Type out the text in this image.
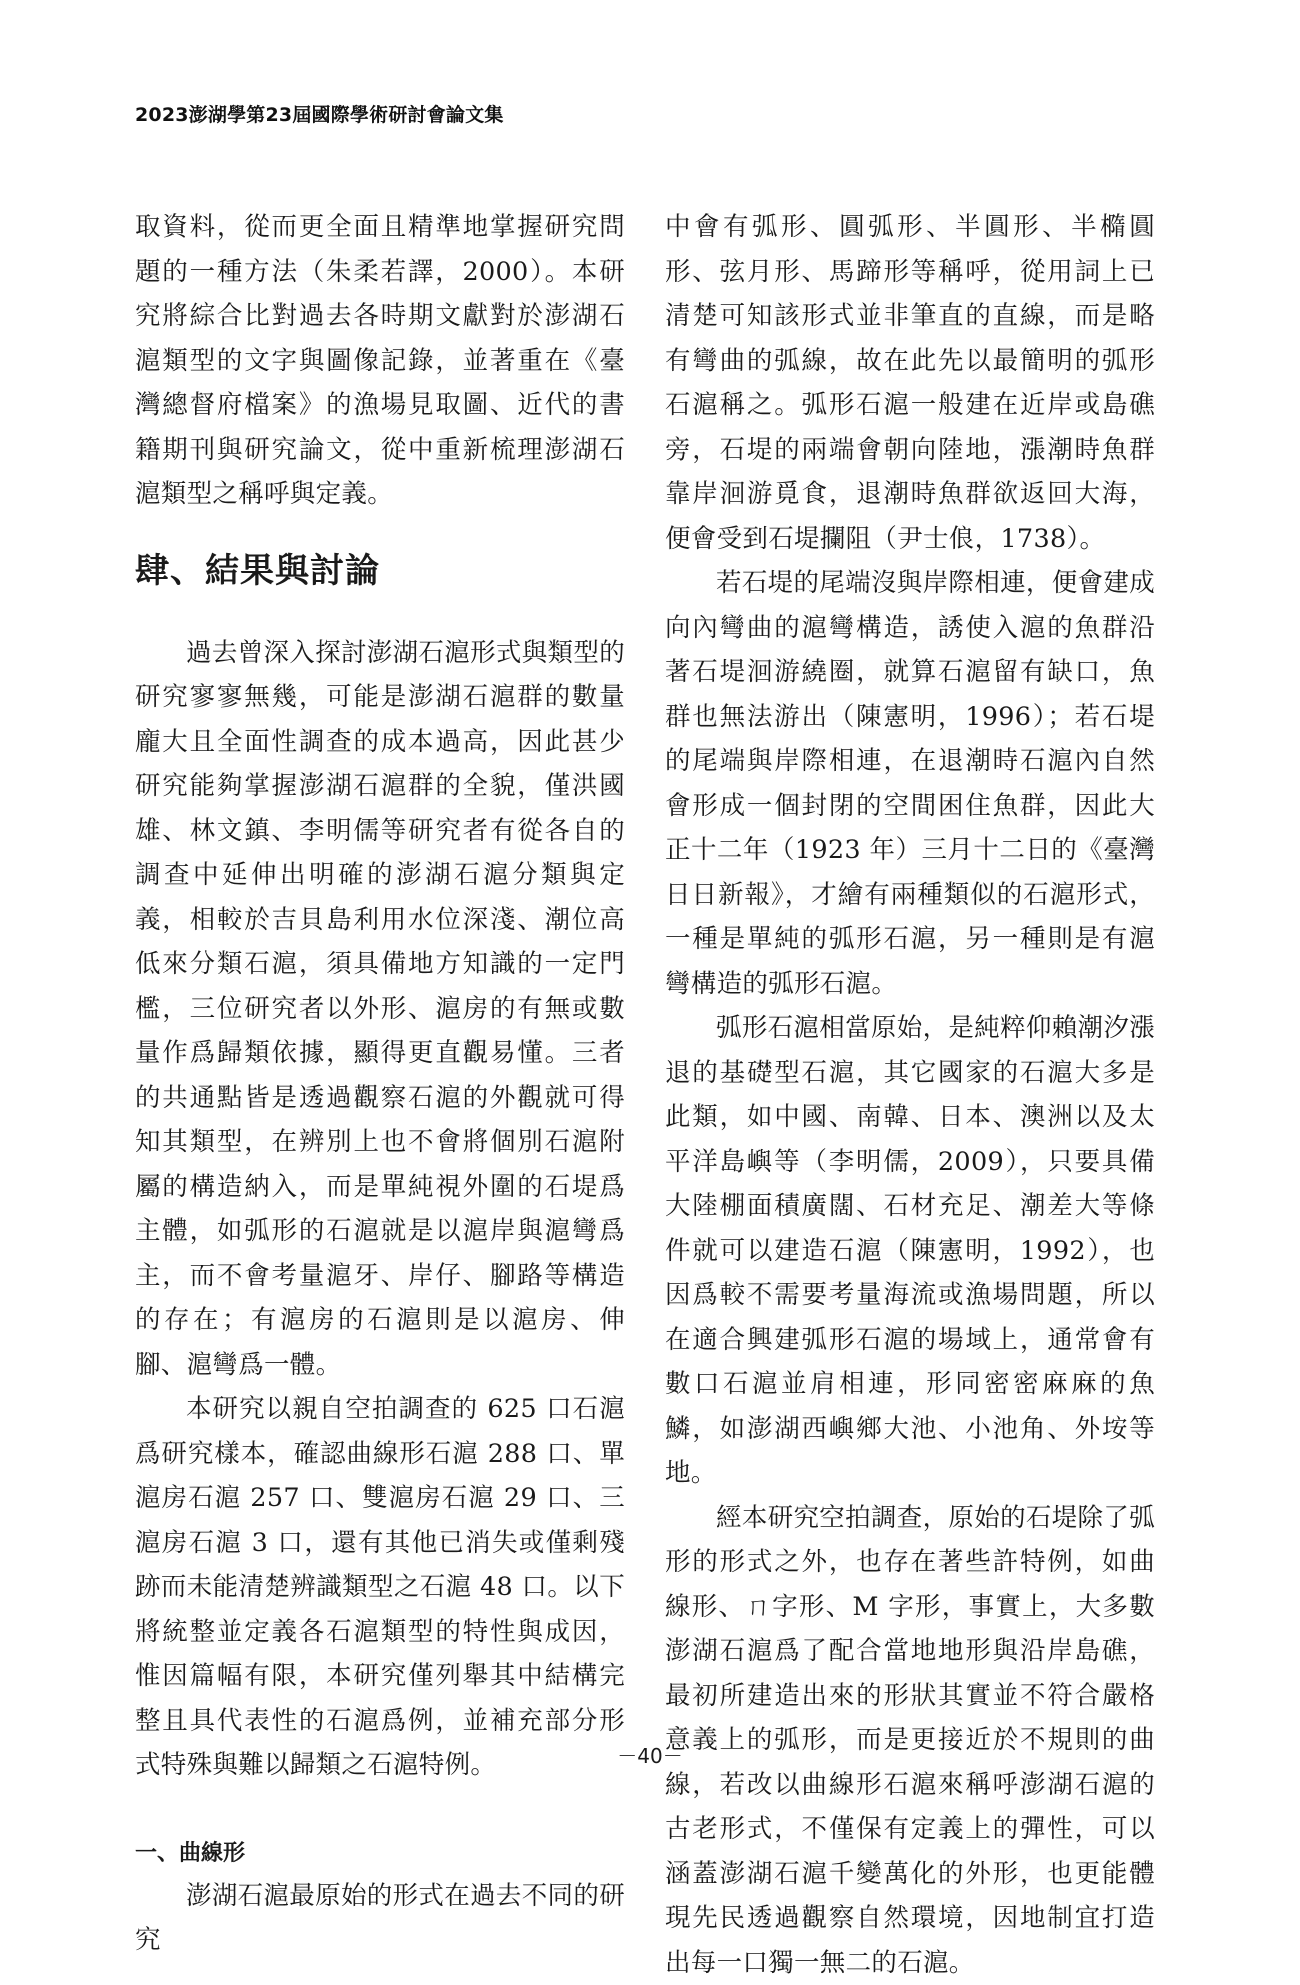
2023澎湖學第23屆國際學術研討會論文集

取資料，從而更全面且精準地掌握研究問題的一種方法（朱柔若譯，2000）。本研究將綜合比對過去各時期文獻對於澎湖石滬類型的文字與圖像記錄，並著重在《臺灣總督府檔案》的漁場見取圖、近代的書籍期刊與研究論文，從中重新梳理澎湖石滬類型之稱呼與定義。

肆、結果與討論

過去曾深入探討澎湖石滬形式與類型的研究寥寥無幾，可能是澎湖石滬群的數量龐大且全面性調查的成本過高，因此甚少研究能夠掌握澎湖石滬群的全貌，僅洪國雄、林文鎮、李明儒等研究者有從各自的調查中延伸出明確的澎湖石滬分類與定義，相較於吉貝島利用水位深淺、潮位高低來分類石滬，須具備地方知識的一定門檻，三位研究者以外形、滬房的有無或數量作爲歸類依據，顯得更直觀易懂。三者的共通點皆是透過觀察石滬的外觀就可得知其類型，在辨別上也不會將個別石滬附屬的構造納入，而是單純視外圍的石堤爲主體，如弧形的石滬就是以滬岸與滬彎爲主，而不會考量滬牙、岸仔、腳路等構造的存在；有滬房的石滬則是以滬房、伸腳、滬彎爲一體。

本研究以親自空拍調查的 625 口石滬爲研究樣本，確認曲線形石滬 288 口、單滬房石滬 257 口、雙滬房石滬 29 口、三滬房石滬 3 口，還有其他已消失或僅剩殘跡而未能清楚辨識類型之石滬 48 口。以下將統整並定義各石滬類型的特性與成因，惟因篇幅有限，本研究僅列舉其中結構完整且具代表性的石滬爲例，並補充部分形式特殊與難以歸類之石滬特例。

一、曲線形

澎湖石滬最原始的形式在過去不同的研究

中會有弧形、圓弧形、半圓形、半橢圓形、弦月形、馬蹄形等稱呼，從用詞上已清楚可知該形式並非筆直的直線，而是略有彎曲的弧線，故在此先以最簡明的弧形石滬稱之。弧形石滬一般建在近岸或島礁旁，石堤的兩端會朝向陸地，漲潮時魚群靠岸洄游覓食，退潮時魚群欲返回大海，便會受到石堤攔阻（尹士俍，1738）。

若石堤的尾端沒與岸際相連，便會建成向內彎曲的滬彎構造，誘使入滬的魚群沿著石堤洄游繞圈，就算石滬留有缺口，魚群也無法游出（陳憲明，1996）；若石堤的尾端與岸際相連，在退潮時石滬內自然會形成一個封閉的空間困住魚群，因此大正十二年（1923 年）三月十二日的《臺灣日日新報》，才繪有兩種類似的石滬形式，一種是單純的弧形石滬，另一種則是有滬彎構造的弧形石滬。

弧形石滬相當原始，是純粹仰賴潮汐漲退的基礎型石滬，其它國家的石滬大多是此類，如中國、南韓、日本、澳洲以及太平洋島嶼等（李明儒，2009），只要具備大陸棚面積廣闊、石材充足、潮差大等條件就可以建造石滬（陳憲明，1992），也因爲較不需要考量海流或漁場問題，所以在適合興建弧形石滬的場域上，通常會有數口石滬並肩相連，形同密密麻麻的魚鱗，如澎湖西嶼鄉大池、小池角、外垵等地。

經本研究空拍調查，原始的石堤除了弧形的形式之外，也存在著些許特例，如曲線形、ㄇ字形、M 字形，事實上，大多數澎湖石滬爲了配合當地地形與沿岸島礁，最初所建造出來的形狀其實並不符合嚴格意義上的弧形，而是更接近於不規則的曲線，若改以曲線形石滬來稱呼澎湖石滬的古老形式，不僅保有定義上的彈性，可以涵蓋澎湖石滬千變萬化的外形，也更能體現先民透過觀察自然環境，因地制宜打造出每一口獨一無二的石滬。

－40－
